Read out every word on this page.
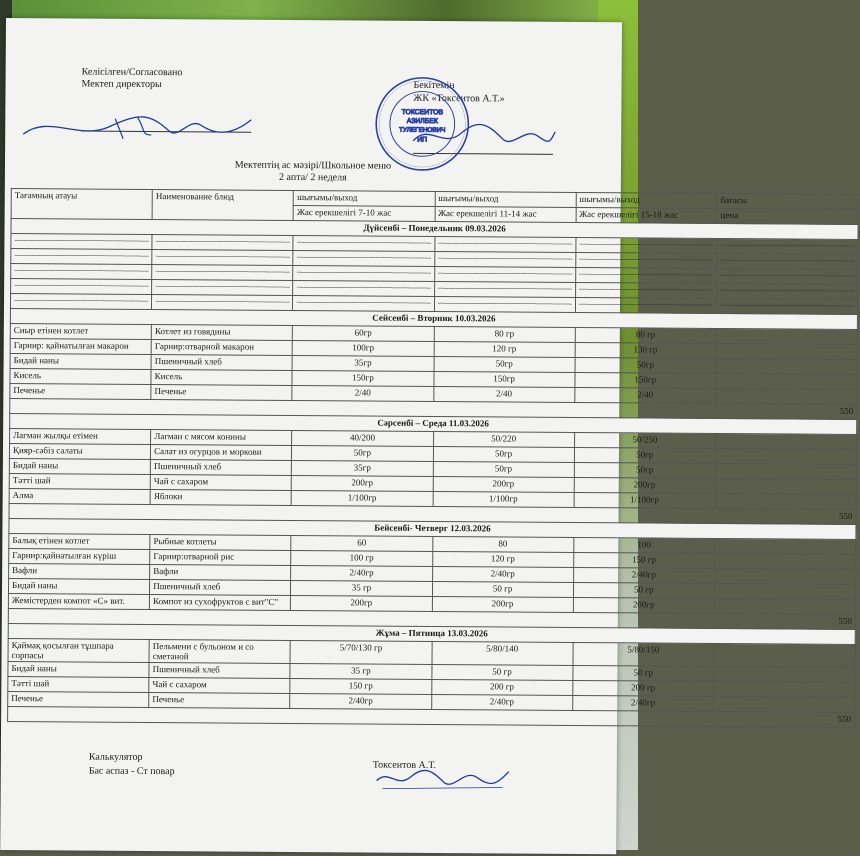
Келісілген/Согласовано
Мектеп директоры	Бекітемін
ЖК «Токсеитов А.Т.»
ТОКСЕИТОВ
АЗИЛБЕК
ТУЛЕГЕНОВИЧ
ИП
Мектептің ас мәзірі/Школьное меню
2 апта/ 2 неделя
Тағамның атауы	Наименование блюд	шығымы/выход	шығымы/выход	шығымы/выход	бағасы
		Жас ерекшелігі 7-10 жас	Жас ерекшелігі 11-14 жас	Жас ерекшелігі 15-18 жас	цена
Дүйсенбі – Понедельник 09.03.2026					
--------------------------------------------------------------	--------------------------------------------------------------	--------------------------------------------------------------	--------------------------------------------------------------	--------------------------------------------------------------	--------------------------------------------------------------
--------------------------------------------------------------	--------------------------------------------------------------	--------------------------------------------------------------	--------------------------------------------------------------	--------------------------------------------------------------	--------------------------------------------------------------
--------------------------------------------------------------	--------------------------------------------------------------	--------------------------------------------------------------	--------------------------------------------------------------	--------------------------------------------------------------	--------------------------------------------------------------
--------------------------------------------------------------	--------------------------------------------------------------	--------------------------------------------------------------	--------------------------------------------------------------	--------------------------------------------------------------	--------------------------------------------------------------
--------------------------------------------------------------	--------------------------------------------------------------	--------------------------------------------------------------	--------------------------------------------------------------	--------------------------------------------------------------	--------------------------------------------------------------
Сейсенбі – Вторник 10.03.2026					
Сиыр етінен котлет	Котлет из говядины	60гр	80 гр	80 гр	
Гарнир: қайнатылған макарон	Гарнир:отварной макарон	100гр	120 гр	130 гр	
Бидай наны	Пшеничный хлеб	35гр	50гр	50гр	
Кисель	Кисель	150гр	150гр	150гр	
Печенье	Печенье	2/40	2/40	2/40	
550					
Сәрсенбі – Среда 11.03.2026					
Лагман жылқы етімен	Лагман с мясом конины	40/200	50/220	50/250	
Қияр-сәбіз салаты	Салат из огурцов и моркови	50гр	50гр	50гр	
Бидай наны	Пшеничный хлеб	35гр	50гр	50гр	
Тәтті шай	Чай с сахаром	200гр	200гр	200гр	
Алма	Яблоки	1/100гр	1/100гр	1/100гр	
550					
Бейсенбі- Четверг 12.03.2026					
Балық етінен котлет	Рыбные котлеты	60	80	100	
Гарнир:қайнатылған күріш	Гарнир:отварной рис	100 гр	120 гр	150 гр	
Вафли	Вафли	2/40гр	2/40гр	2/40гр	
Бидай наны	Пшеничный хлеб	35 гр	50 гр	50 гр	
Жемістерден компот «С» вит.	Компот из сухофруктов с вит"С"	200гр	200гр	200гр	
550					
Жұма – Пятница 13.03.2026					
Қаймақ қосылған тұшпара сорпасы	Пельмени с бульоном и со сметаной	5/70/130 гр	5/80/140	5/80/150	
Бидай наны	Пшеничный хлеб	35 гр	50 гр	50 гр	
Тәтті шай	Чай с сахаром	150 гр	200 гр	200 гр	
Печенье	Печенье	2/40гр	2/40гр	2/40гр	
550					
Калькулятор
Бас аспаз - Ст повар
Токсеитов А.Т.
